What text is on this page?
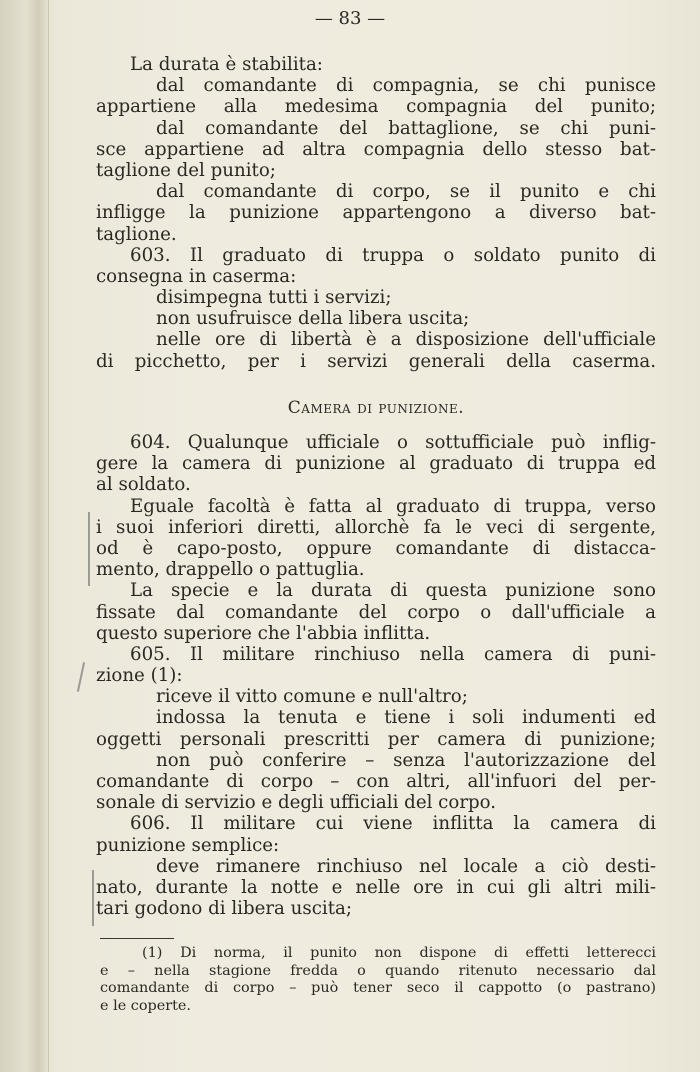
— 83 —
La durata è stabilita:
dal comandante di compagnia, se chi punisce
appartiene alla medesima compagnia del punito;
dal comandante del battaglione, se chi puni-
sce appartiene ad altra compagnia dello stesso bat-
taglione del punito;
dal comandante di corpo, se il punito e chi
infligge la punizione appartengono a diverso bat-
taglione.
603. Il graduato di truppa o soldato punito di
consegna in caserma:
disimpegna tutti i servizi;
non usufruisce della libera uscita;
nelle ore di libertà è a disposizione dell'ufficiale
di picchetto, per i servizi generali della caserma.
Camera di punizione.
604. Qualunque ufficiale o sottufficiale può inflig-
gere la camera di punizione al graduato di truppa ed
al soldato.
Eguale facoltà è fatta al graduato di truppa, verso
i suoi inferiori diretti, allorchè fa le veci di sergente,
od è capo-posto, oppure comandante di distacca-
mento, drappello o pattuglia.
La specie e la durata di questa punizione sono
fissate dal comandante del corpo o dall'ufficiale a
questo superiore che l'abbia inflitta.
605. Il militare rinchiuso nella camera di puni-
zione (1):
riceve il vitto comune e null'altro;
indossa la tenuta e tiene i soli indumenti ed
oggetti personali prescritti per camera di punizione;
non può conferire – senza l'autorizzazione del
comandante di corpo – con altri, all'infuori del per-
sonale di servizio e degli ufficiali del corpo.
606. Il militare cui viene inflitta la camera di
punizione semplice:
deve rimanere rinchiuso nel locale a ciò desti-
nato, durante la notte e nelle ore in cui gli altri mili-
tari godono di libera uscita;
(1) Di norma, il punito non dispone di effetti letterecci
e – nella stagione fredda o quando ritenuto necessario dal
comandante di corpo – può tener seco il cappotto (o pastrano)
e le coperte.
